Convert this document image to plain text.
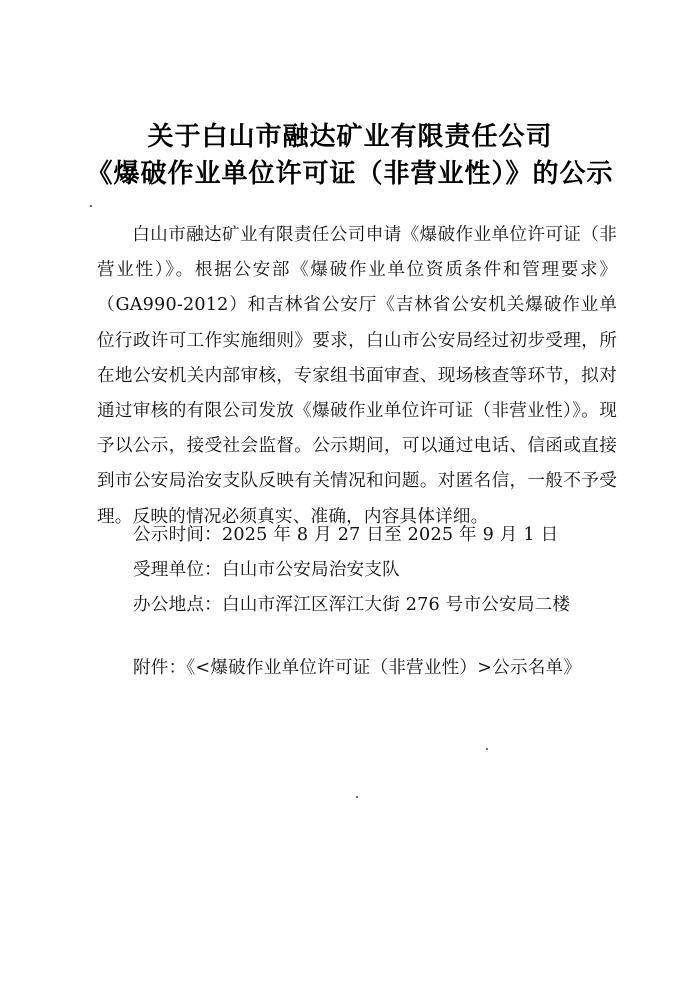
关于白山市融达矿业有限责任公司
《爆破作业单位许可证（非营业性）》的公示

白山市融达矿业有限责任公司申请《爆破作业单位许可证（非营业性）》。根据公安部《爆破作业单位资质条件和管理要求》（GA990-2012）和吉林省公安厅《吉林省公安机关爆破作业单位行政许可工作实施细则》要求，白山市公安局经过初步受理，所在地公安机关内部审核，专家组书面审查、现场核查等环节，拟对通过审核的有限公司发放《爆破作业单位许可证（非营业性）》。现予以公示，接受社会监督。公示期间，可以通过电话、信函或直接到市公安局治安支队反映有关情况和问题。对匿名信，一般不予受理。反映的情况必须真实、准确，内容具体详细。

公示时间：2025 年 8 月 27 日至 2025 年 9 月 1 日
受理单位：白山市公安局治安支队
办公地点：白山市浑江区浑江大街 276 号市公安局二楼
附件：《<爆破作业单位许可证（非营业性）>公示名单》
